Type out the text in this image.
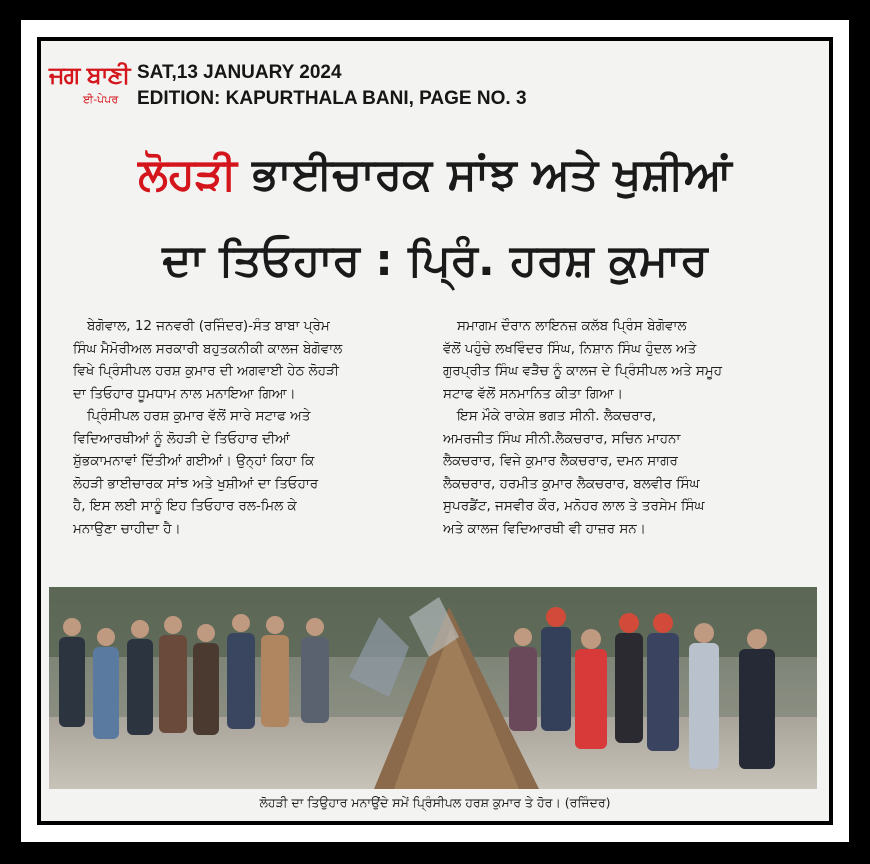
ਜਗ ਬਾਣੀ
ਈ-ਪੇਪਰ
SAT,13 JANUARY 2024
EDITION: KAPURTHALA BANI, PAGE NO. 3
ਲੋਹੜੀ ਭਾਈਚਾਰਕ ਸਾਂਝ ਅਤੇ ਖੁਸ਼ੀਆਂ
ਦਾ ਤਿਓਹਾਰ : ਪ੍ਰਿੰ. ਹਰਸ਼ ਕੁਮਾਰ
ਬੇਗੋਵਾਲ, 12 ਜਨਵਰੀ (ਰਜਿੰਦਰ)-ਸੰਤ ਬਾਬਾ ਪ੍ਰੇਮ
ਸਿੰਘ ਮੈਮੋਰੀਅਲ ਸਰਕਾਰੀ ਬਹੁਤਕਨੀਕੀ ਕਾਲਜ ਬੇਗੋਵਾਲ
ਵਿਖੇ ਪ੍ਰਿੰਸੀਪਲ ਹਰਸ਼ ਕੁਮਾਰ ਦੀ ਅਗਵਾਈ ਹੇਠ ਲੋਹੜੀ
ਦਾ ਤਿਓਹਾਰ ਧੂਮਧਾਮ ਨਾਲ ਮਨਾਇਆ ਗਿਆ।
ਪ੍ਰਿੰਸੀਪਲ ਹਰਸ਼ ਕੁਮਾਰ ਵੱਲੋਂ ਸਾਰੇ ਸਟਾਫ ਅਤੇ
ਵਿਦਿਆਰਥੀਆਂ ਨੂੰ ਲੋਹੜੀ ਦੇ ਤਿਓਹਾਰ ਦੀਆਂ
ਸ਼ੁੱਭਕਾਮਨਾਵਾਂ ਦਿੱਤੀਆਂ ਗਈਆਂ। ਉਨ੍ਹਾਂ ਕਿਹਾ ਕਿ
ਲੋਹੜੀ ਭਾਈਚਾਰਕ ਸਾਂਝ ਅਤੇ ਖੁਸ਼ੀਆਂ ਦਾ ਤਿਓਹਾਰ
ਹੈ, ਇਸ ਲਈ ਸਾਨੂੰ ਇਹ ਤਿਓਹਾਰ ਰਲ-ਮਿਲ ਕੇ
ਮਨਾਉਣਾ ਚਾਹੀਦਾ ਹੈ।
ਸਮਾਗਮ ਦੌਰਾਨ ਲਾਇਨਜ਼ ਕਲੱਬ ਪ੍ਰਿੰਸ ਬੇਗੋਵਾਲ
ਵੱਲੋਂ ਪਹੁੰਚੇ ਲਖਵਿੰਦਰ ਸਿੰਘ, ਨਿਸ਼ਾਨ ਸਿੰਘ ਹੁੰਦਲ ਅਤੇ
ਗੁਰਪ੍ਰੀਤ ਸਿੰਘ ਵੜੈਚ ਨੂੰ ਕਾਲਜ ਦੇ ਪ੍ਰਿੰਸੀਪਲ ਅਤੇ ਸਮੂਹ
ਸਟਾਫ ਵੱਲੋਂ ਸਨਮਾਨਿਤ ਕੀਤਾ ਗਿਆ।
ਇਸ ਮੌਕੇ ਰਾਕੇਸ਼ ਭਗਤ ਸੀਨੀ. ਲੈਕਚਰਾਰ,
ਅਮਰਜੀਤ ਸਿੰਘ ਸੀਨੀ.ਲੈਕਚਰਾਰ, ਸਚਿਨ ਮਾਹਨਾ
ਲੈਕਚਰਾਰ, ਵਿਜੇ ਕੁਮਾਰ ਲੈਕਚਰਾਰ, ਦਮਨ ਸਾਗਰ
ਲੈਕਚਰਾਰ, ਹਰਮੀਤ ਕੁਮਾਰ ਲੈਕਚਰਾਰ, ਬਲਵੀਰ ਸਿੰਘ
ਸੁਪਰਡੈਂਟ, ਜਸਵੀਰ ਕੌਰ, ਮਨੋਹਰ ਲਾਲ ਤੇ ਤਰਸੇਮ ਸਿੰਘ
ਅਤੇ ਕਾਲਜ ਵਿਦਿਆਰਥੀ ਵੀ ਹਾਜ਼ਰ ਸਨ।
ਲੋਹੜੀ ਦਾ ਤਿਉਹਾਰ ਮਨਾਉਂਦੇ ਸਮੇਂ ਪ੍ਰਿੰਸੀਪਲ ਹਰਸ਼ ਕੁਮਾਰ ਤੇ ਹੋਰ। (ਰਜਿੰਦਰ)
